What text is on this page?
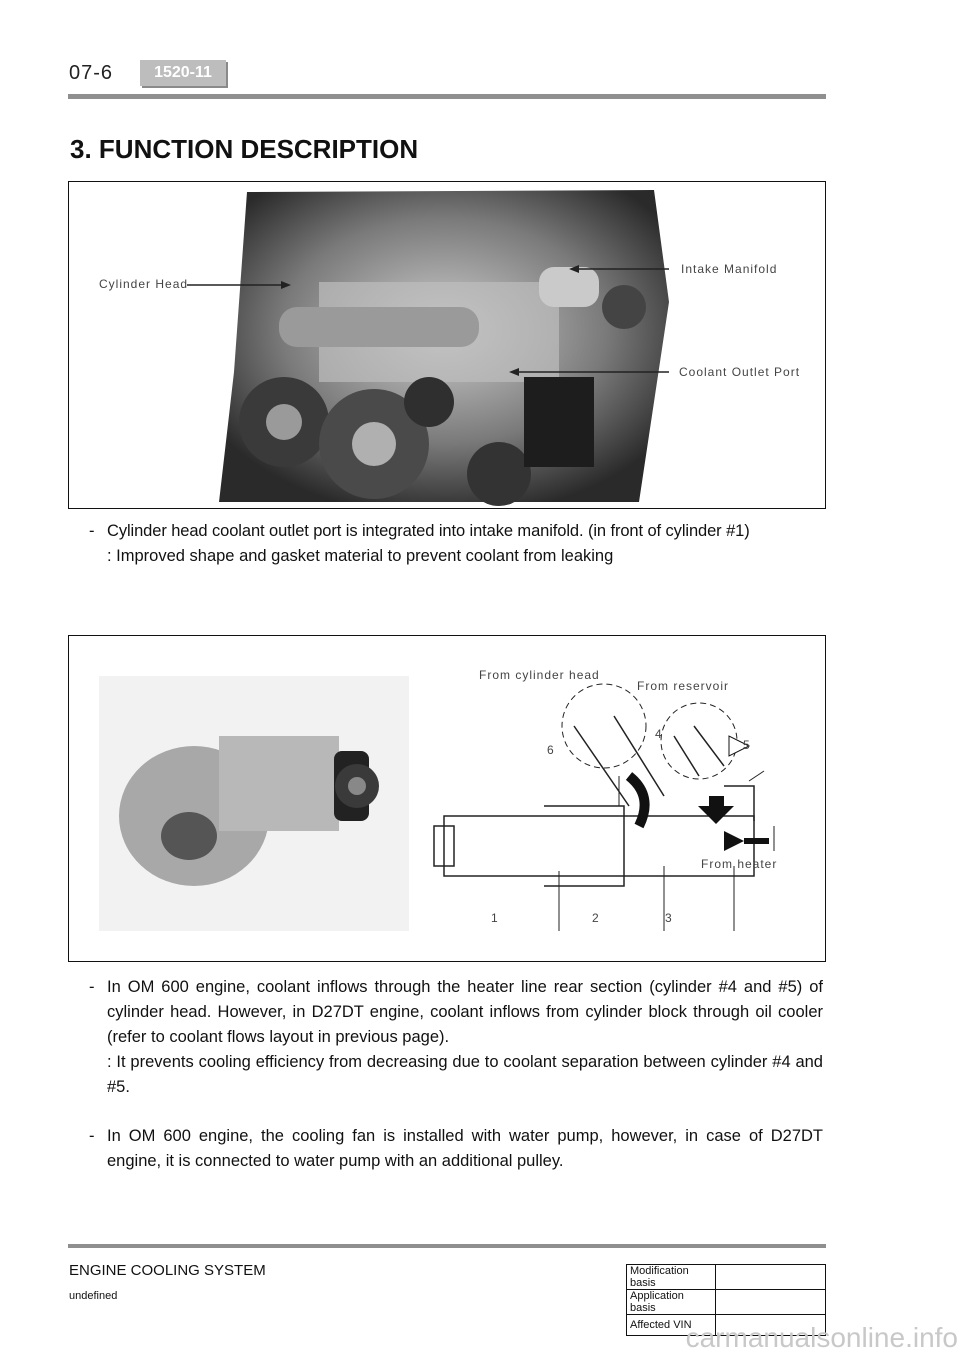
07-6	1520-11
3. FUNCTION DESCRIPTION
Cylinder Head
Intake Manifold
Coolant Outlet Port
- Cylinder head coolant outlet port is integrated into intake manifold. (in front of cylinder #1)

: Improved shape and gasket material to prevent coolant from leaking

From cylinder head
From reservoir
From heater
1	2	3
4
5
6
- In OM 600 engine, coolant inflows through the heater line rear section (cylinder #4 and #5) of cylinder head. However, in D27DT engine, coolant inflows from cylinder block through oil cooler (refer to coolant flows layout in previous page).

: It prevents cooling efficiency from decreasing due to coolant separation between cylinder #4 and #5.

- In OM 600 engine, the cooling fan is installed with water pump, however, in case of D27DT engine, it is connected to water pump with an additional pulley.

ENGINE COOLING SYSTEM
undefined
Modification basis	
Application basis	
Affected VIN	
carmanualsonline.info
